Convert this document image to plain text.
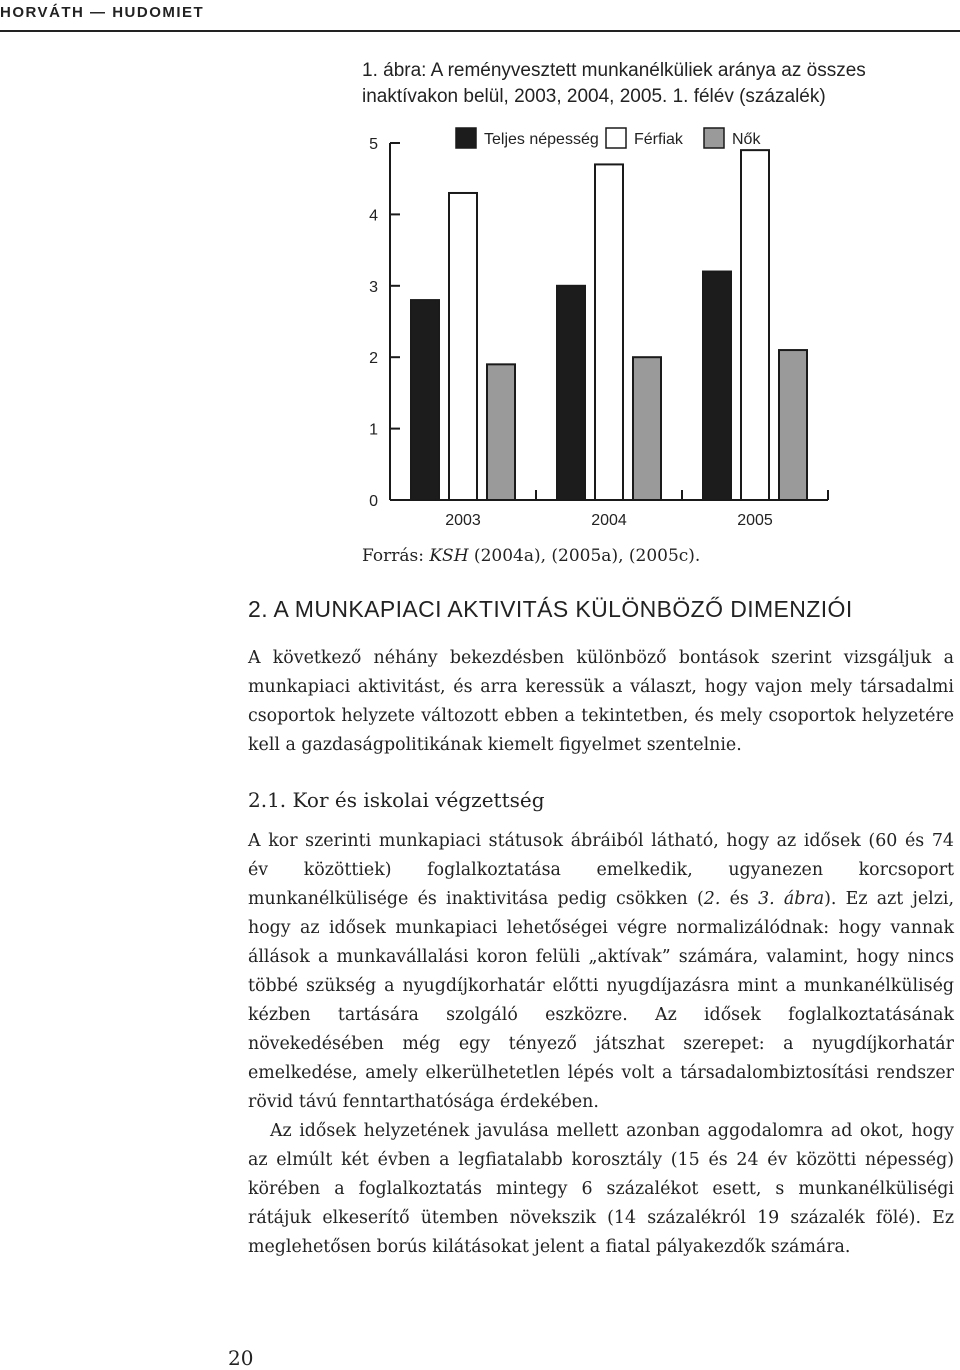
HORVÁTH — HUDOMIET
1. ábra: A reményvesztett munkanélküliek aránya az összes
inaktívakon belül, 2003, 2004, 2005. 1. félév (százalék)
0
1
2
3
4
5
2003	2004	2005
Teljes népesség Férfiak	Nők
Forrás: KSH (2004a), (2005a), (2005c).
2. A MUNKAPIACI AKTIVITÁS KÜLÖNBÖZŐ DIMENZIÓI

A következő néhány bekezdésben különböző bontások szerint vizsgáljuk a munkapiaci aktivitást, és arra keressük a választ, hogy vajon mely társadalmi csoportok helyzete változott ebben a tekintetben, és mely csoportok helyzetére kell a gazdaságpolitikának kiemelt figyelmet szentelnie.

2.1. Kor és iskolai végzettség

A kor szerinti munkapiaci státusok ábráiból látható, hogy az idősek (60 és 74 év közöttiek) foglalkoztatása emelkedik, ugyanezen korcsoport munkanélkülisége és inaktivitása pedig csökken (2. és 3. ábra). Ez azt jelzi, hogy az idősek munkapiaci lehetőségei végre normalizálódnak: hogy vannak állások a munkavállalási koron felüli „aktívak” számára, valamint, hogy nincs többé szükség a nyugdíjkorhatár előtti nyugdíjazásra mint a munkanélküliség kézben tartására szolgáló eszközre. Az idősek foglalkoztatásának növekedésében még egy tényező játszhat szerepet: a nyugdíjkorhatár emelkedése, amely elkerülhetetlen lépés volt a társadalombiztosítási rendszer rövid távú fenntarthatósága érdekében.

Az idősek helyzetének javulása mellett azonban aggodalomra ad okot, hogy az elmúlt két évben a legfiatalabb korosztály (15 és 24 év közötti népesség) körében a foglalkoztatás mintegy 6 százalékot esett, s munkanélküliségi rátájuk elkeserítő ütemben növekszik (14 százalékról 19 százalék fölé). Ez meglehetősen borús kilátásokat jelent a fiatal pályakezdők számára.

20
